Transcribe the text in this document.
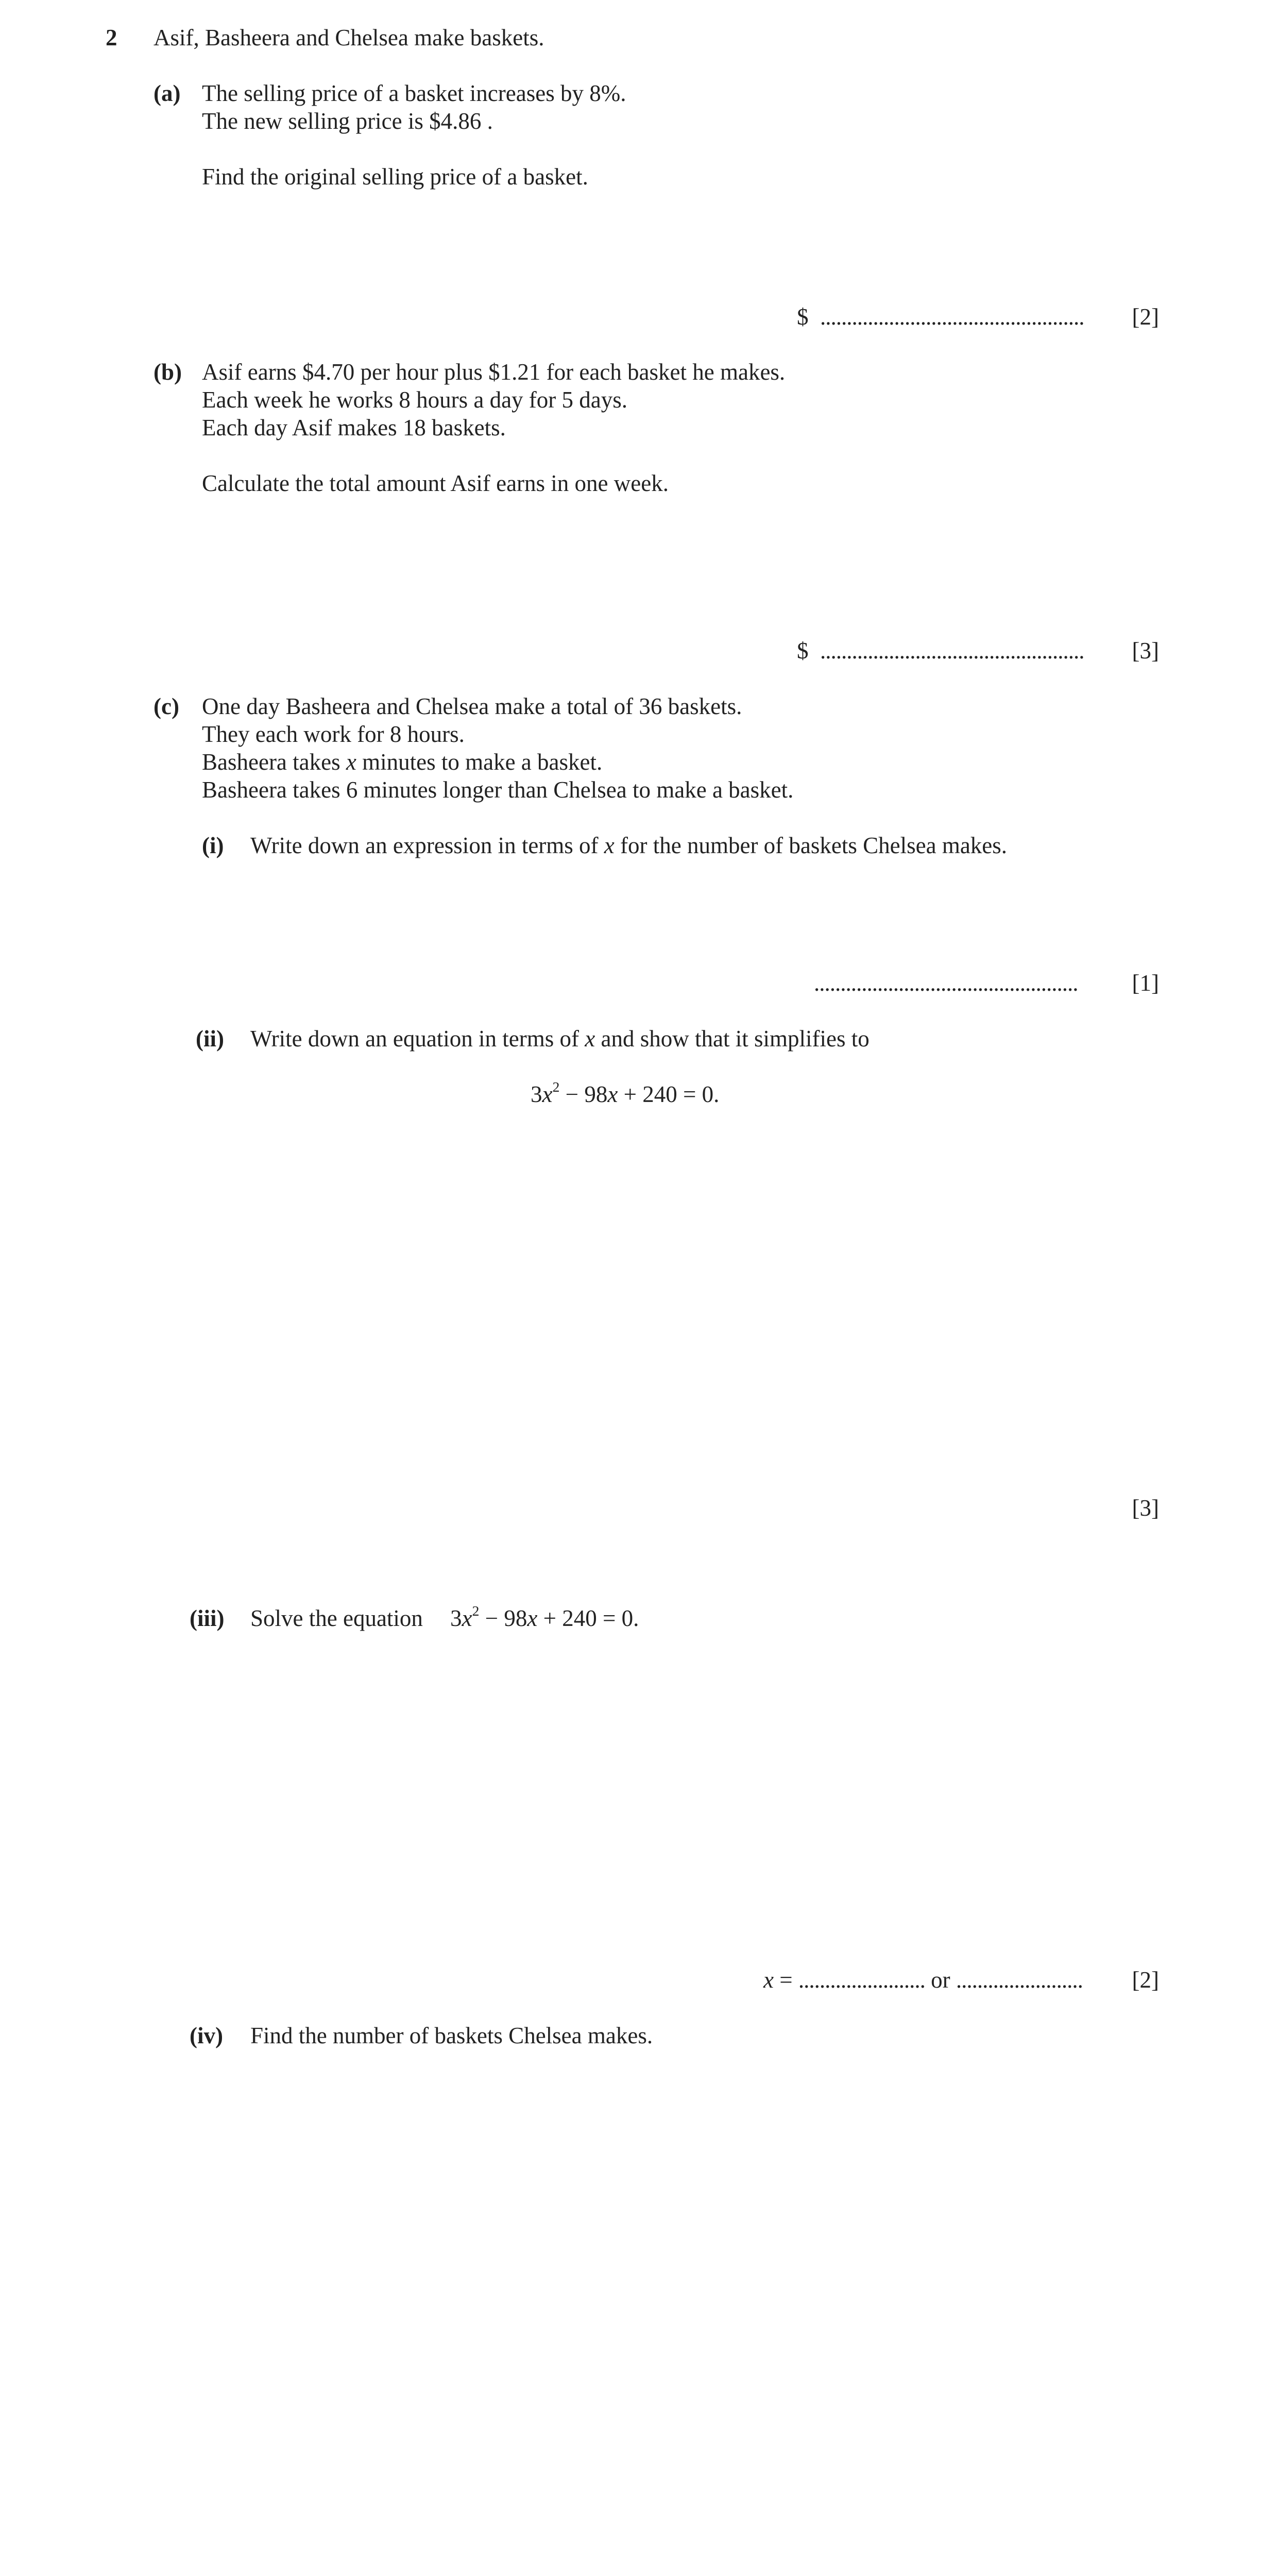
2 Asif, Basheera and Chelsea make baskets.
(a) The selling price of a basket increases by 8%.
The new selling price is $4.86 .
Find the original selling price of a basket.
$ ..................................................	[2]
(b) Asif earns $4.70 per hour plus $1.21 for each basket he makes.
Each week he works 8 hours a day for 5 days.
Each day Asif makes 18 baskets.
Calculate the total amount Asif earns in one week.
$ ..................................................	[3]
(c) One day Basheera and Chelsea make a total of 36 baskets.
They each work for 8 hours.
Basheera takes x minutes to make a basket.
Basheera takes 6 minutes longer than Chelsea to make a basket.
(i) Write down an expression in terms of x for the number of baskets Chelsea makes.
..................................................	[1]
(ii) Write down an equation in terms of x and show that it simplifies to
$3x^2 - 98x + 240 = 0$.
[3]
(iii) Solve the equation $3x^2 - 98x + 240 = 0$.
x = ........................ or ........................	[2]
(iv) Find the number of baskets Chelsea makes.
